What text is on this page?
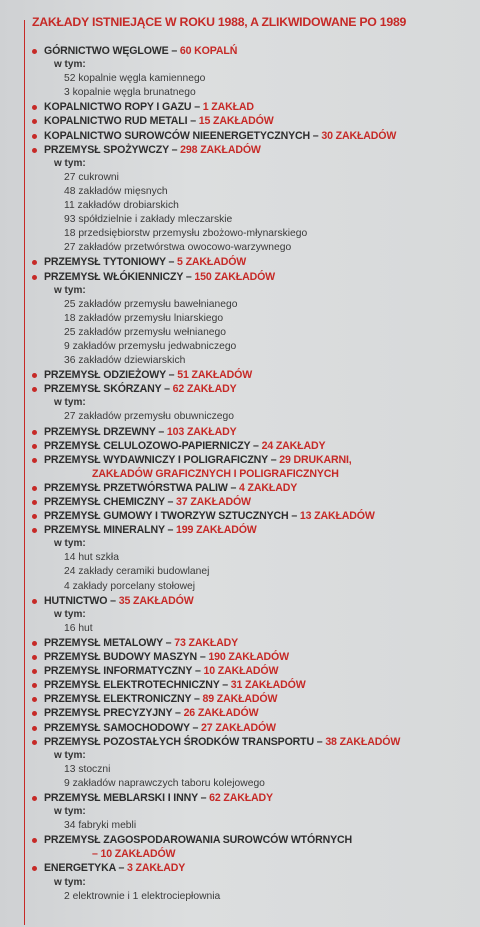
ZAKŁADY ISTNIEJĄCE W ROKU 1988, A ZLIKWIDOWANE PO 1989
GÓRNICTWO WĘGLOWE – 60 KOPALŃ
w tym:
52 kopalnie węgla kamiennego
3 kopalnie węgla brunatnego
KOPALNICTWO ROPY I GAZU – 1 ZAKŁAD
KOPALNICTWO RUD METALI – 15 ZAKŁADÓW
KOPALNICTWO SUROWCÓW NIEENERGETYCZNYCH – 30 ZAKŁADÓW
PRZEMYSŁ SPOŻYWCZY – 298 ZAKŁADÓW
w tym:
27 cukrowni
48 zakładów mięsnych
11 zakładów drobiarskich
93 spółdzielnie i zakłady mleczarskie
18 przedsiębiorstw przemysłu zbożowo-młynarskiego
27 zakładów przetwórstwa owocowo-warzywnego
PRZEMYSŁ TYTONIOWY – 5 ZAKŁADÓW
PRZEMYSŁ WŁÓKIENNICZY – 150 ZAKŁADÓW
w tym:
25 zakładów przemysłu bawełnianego
18 zakładów przemysłu lniarskiego
25 zakładów przemysłu wełnianego
9 zakładów przemysłu jedwabniczego
36 zakładów dziewiarskich
PRZEMYSŁ ODZIEŻOWY – 51 ZAKŁADÓW
PRZEMYSŁ SKÓRZANY – 62 ZAKŁADY
w tym:
27 zakładów przemysłu obuwniczego
PRZEMYSŁ DRZEWNY – 103 ZAKŁADY
PRZEMYSŁ CELULOZOWO-PAPIERNICZY – 24 ZAKŁADY
PRZEMYSŁ WYDAWNICZY I POLIGRAFICZNY – 29 DRUKARNI,
ZAKŁADÓW GRAFICZNYCH I POLIGRAFICZNYCH
PRZEMYSŁ PRZETWÓRSTWA PALIW – 4 ZAKŁADY
PRZEMYSŁ CHEMICZNY – 37 ZAKŁADÓW
PRZEMYSŁ GUMOWY I TWORZYW SZTUCZNYCH – 13 ZAKŁADÓW
PRZEMYSŁ MINERALNY – 199 ZAKŁADÓW
w tym:
14 hut szkła
24 zakłady ceramiki budowlanej
4 zakłady porcelany stołowej
HUTNICTWO – 35 ZAKŁADÓW
w tym:
16 hut
PRZEMYSŁ METALOWY – 73 ZAKŁADY
PRZEMYSŁ BUDOWY MASZYN – 190 ZAKŁADÓW
PRZEMYSŁ INFORMATYCZNY – 10 ZAKŁADÓW
PRZEMYSŁ ELEKTROTECHNICZNY – 31 ZAKŁADÓW
PRZEMYSŁ ELEKTRONICZNY – 89 ZAKŁADÓW
PRZEMYSŁ PRECYZYJNY – 26 ZAKŁADÓW
PRZEMYSŁ SAMOCHODOWY – 27 ZAKŁADÓW
PRZEMYSŁ POZOSTAŁYCH ŚRODKÓW TRANSPORTU – 38 ZAKŁADÓW
w tym:
13 stoczni
9 zakładów naprawczych taboru kolejowego
PRZEMYSŁ MEBLARSKI I INNY – 62 ZAKŁADY
w tym:
34 fabryki mebli
PRZEMYSŁ ZAGOSPODAROWANIA SUROWCÓW WTÓRNYCH
– 10 ZAKŁADÓW
ENERGETYKA – 3 ZAKŁADY
w tym:
2 elektrownie i 1 elektrociepłownia
